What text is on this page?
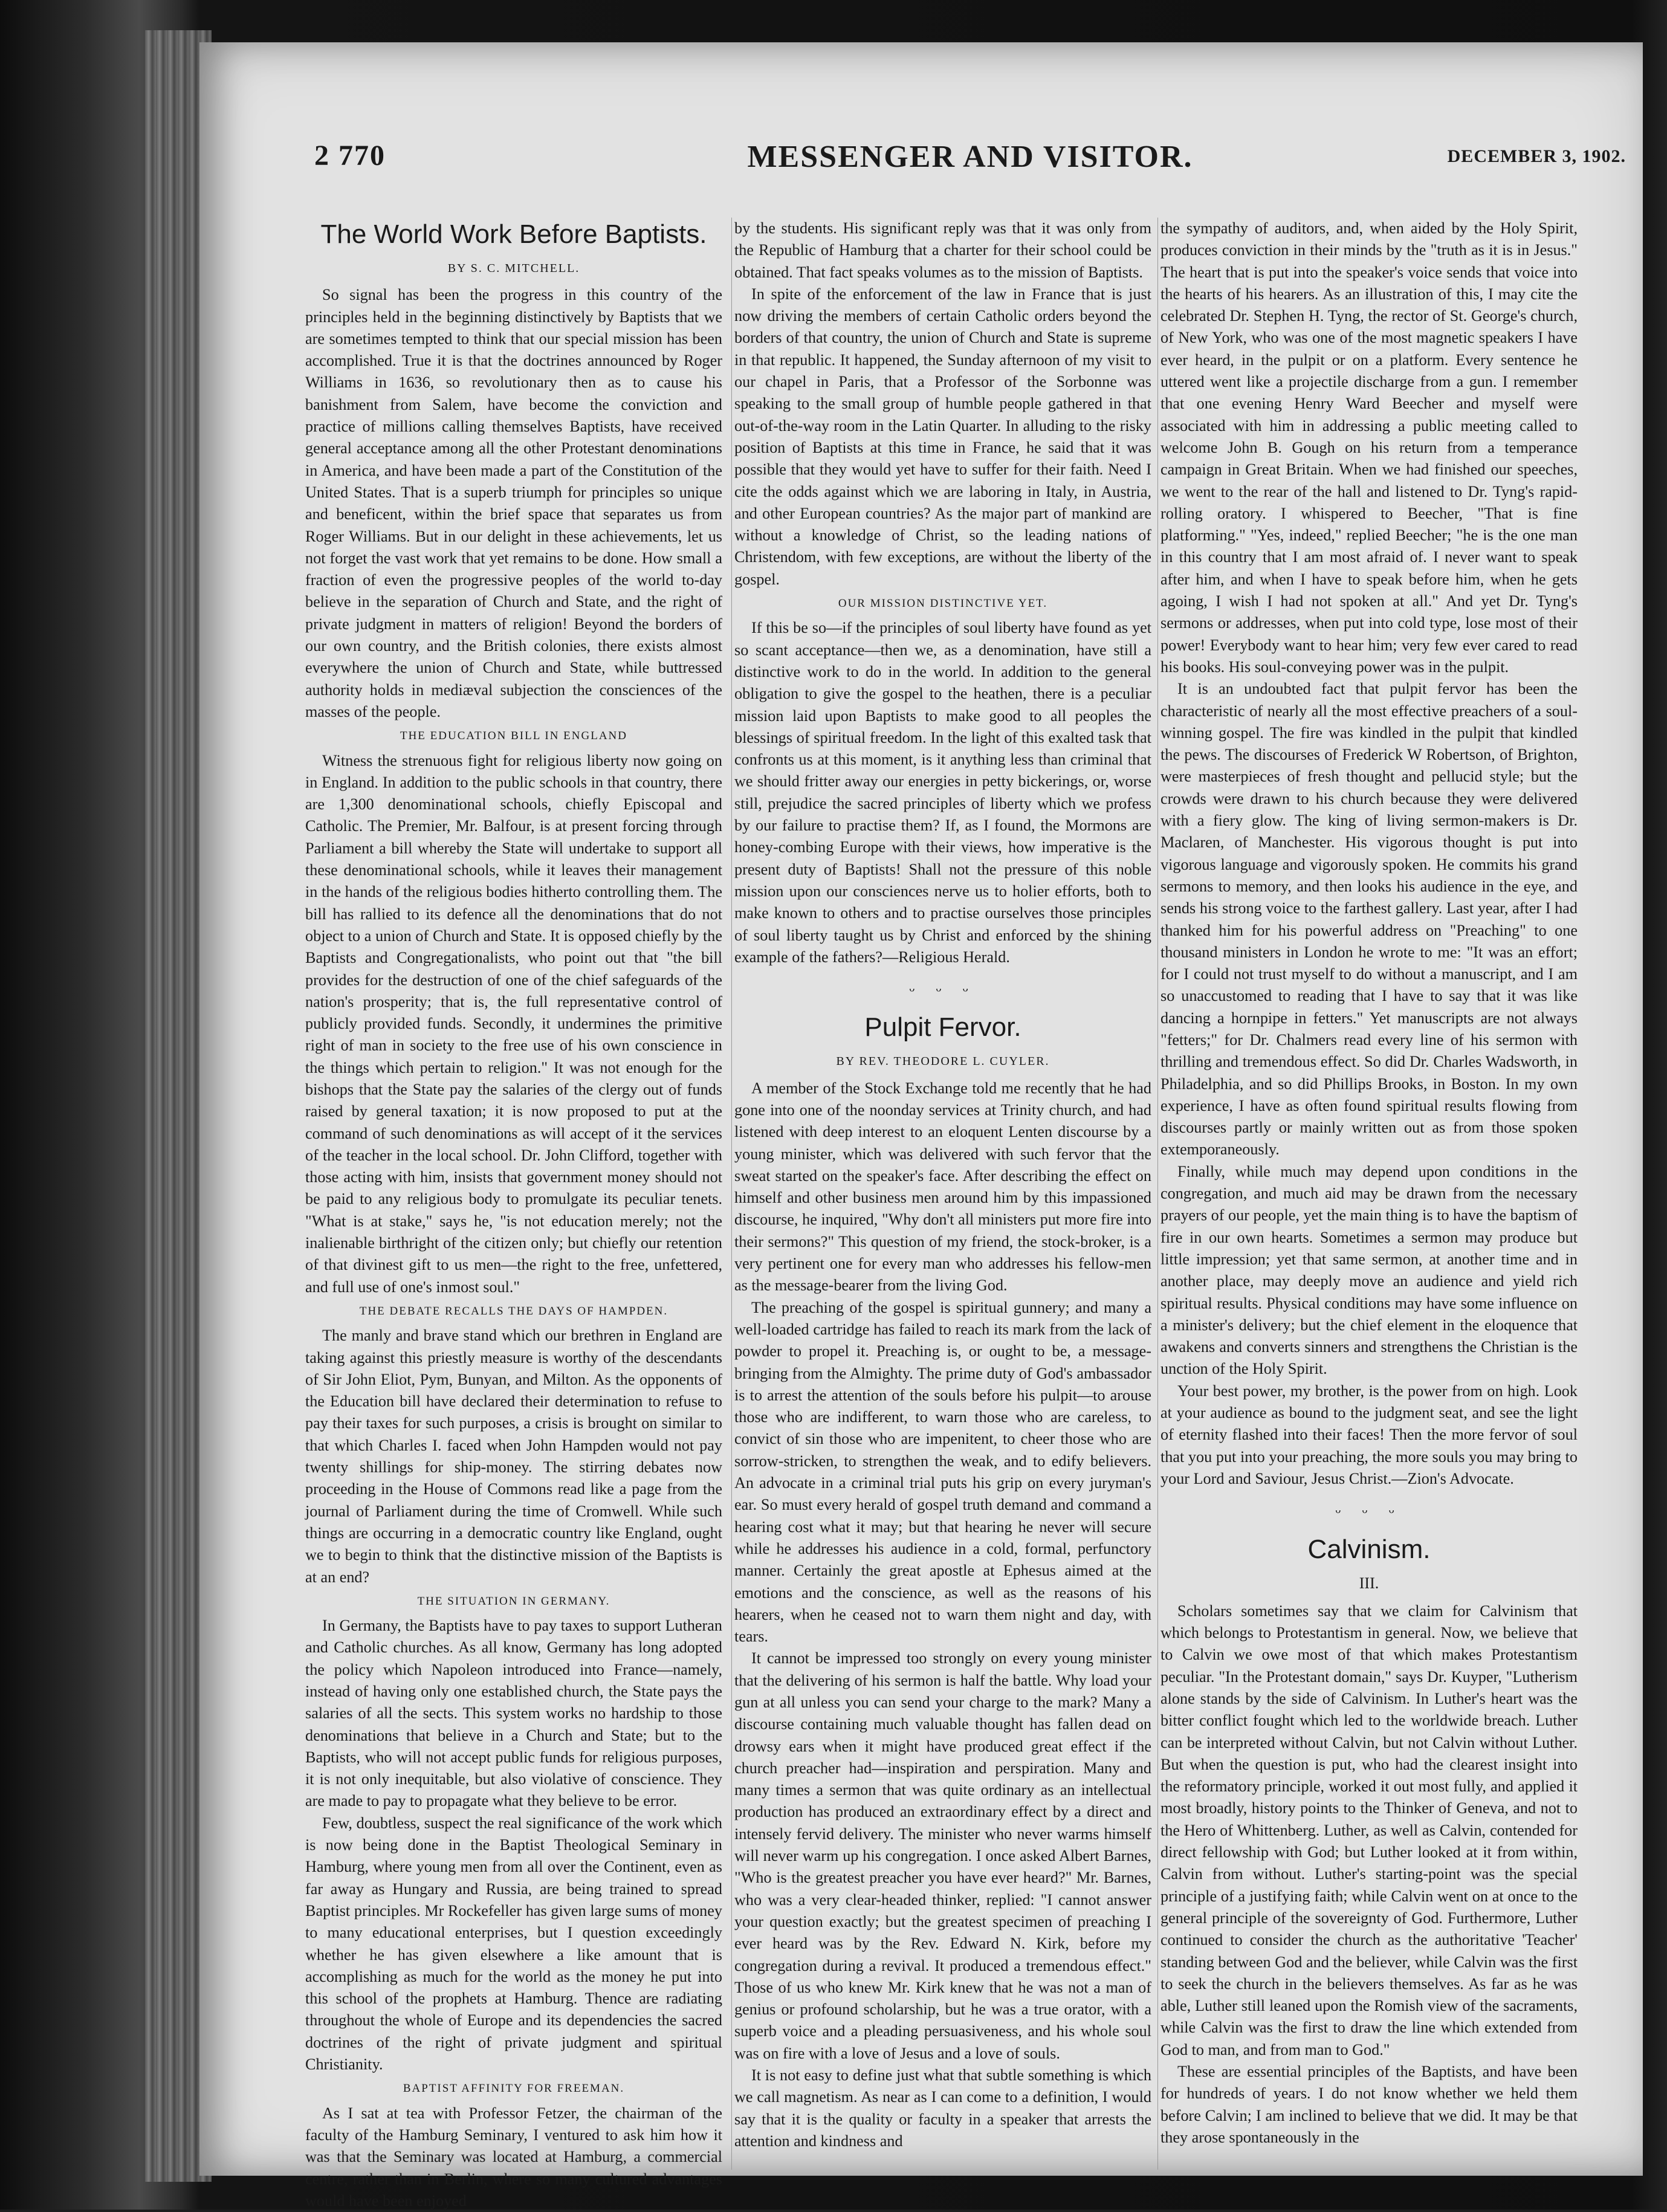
MESSENGER AND VISITOR.
2 770	DECEMBER 3, 1902.
The World Work Before Baptists.
BY S. C. MITCHELL.

So signal has been the progress in this country of the principles held in the beginning distinctively by Baptists that we are sometimes tempted to think that our special mission has been accomplished. True it is that the doctrines announced by Roger Williams in 1636, so revolutionary then as to cause his banishment from Salem, have become the conviction and practice of millions calling themselves Baptists, have received general acceptance among all the other Protestant denominations in America, and have been made a part of the Constitution of the United States. That is a superb triumph for principles so unique and beneficent, within the brief space that separates us from Roger Williams. But in our delight in these achievements, let us not forget the vast work that yet remains to be done. How small a fraction of even the progressive peoples of the world to-day believe in the separation of Church and State, and the right of private judgment in matters of religion! Beyond the borders of our own country, and the British colonies, there exists almost everywhere the union of Church and State, while buttressed authority holds in mediæval subjection the consciences of the masses of the people.

THE EDUCATION BILL IN ENGLAND

Witness the strenuous fight for religious liberty now going on in England. In addition to the public schools in that country, there are 1,300 denominational schools, chiefly Episcopal and Catholic. The Premier, Mr. Balfour, is at present forcing through Parliament a bill whereby the State will undertake to support all these denominational schools, while it leaves their management in the hands of the religious bodies hitherto controlling them. The bill has rallied to its defence all the denominations that do not object to a union of Church and State. It is opposed chiefly by the Baptists and Congregationalists, who point out that "the bill provides for the destruction of one of the chief safeguards of the nation's prosperity; that is, the full representative control of publicly provided funds. Secondly, it undermines the primitive right of man in society to the free use of his own conscience in the things which pertain to religion." It was not enough for the bishops that the State pay the salaries of the clergy out of funds raised by general taxation; it is now proposed to put at the command of such denominations as will accept of it the services of the teacher in the local school. Dr. John Clifford, together with those acting with him, insists that government money should not be paid to any religious body to promulgate its peculiar tenets. "What is at stake," says he, "is not education merely; not the inalienable birthright of the citizen only; but chiefly our retention of that divinest gift to us men—the right to the free, unfettered, and full use of one's inmost soul."

THE DEBATE RECALLS THE DAYS OF HAMPDEN.

The manly and brave stand which our brethren in England are taking against this priestly measure is worthy of the descendants of Sir John Eliot, Pym, Bunyan, and Milton. As the opponents of the Education bill have declared their determination to refuse to pay their taxes for such purposes, a crisis is brought on similar to that which Charles I. faced when John Hampden would not pay twenty shillings for ship-money. The stirring debates now proceeding in the House of Commons read like a page from the journal of Parliament during the time of Cromwell. While such things are occurring in a democratic country like England, ought we to begin to think that the distinctive mission of the Baptists is at an end?

THE SITUATION IN GERMANY.

In Germany, the Baptists have to pay taxes to support Lutheran and Catholic churches. As all know, Germany has long adopted the policy which Napoleon introduced into France—namely, instead of having only one established church, the State pays the salaries of all the sects. This system works no hardship to those denominations that believe in a Church and State; but to the Baptists, who will not accept public funds for religious purposes, it is not only inequitable, but also violative of conscience. They are made to pay to propagate what they believe to be error.

Few, doubtless, suspect the real significance of the work which is now being done in the Baptist Theological Seminary in Hamburg, where young men from all over the Continent, even as far away as Hungary and Russia, are being trained to spread Baptist principles. Mr Rockefeller has given large sums of money to many educational enterprises, but I question exceedingly whether he has given elsewhere a like amount that is accomplishing as much for the world as the money he put into this school of the prophets at Hamburg. Thence are radiating throughout the whole of Europe and its dependencies the sacred doctrines of the right of private judgment and spiritual Christianity.

BAPTIST AFFINITY FOR FREEMAN.

As I sat at tea with Professor Fetzer, the chairman of the faculty of the Hamburg Seminary, I ventured to ask him how it was that the Seminary was located at Hamburg, a commercial centre, rather than in Berlin, where so many cultured advantages would have been enjoyed

by the students. His significant reply was that it was only from the Republic of Hamburg that a charter for their school could be obtained. That fact speaks volumes as to the mission of Baptists.

In spite of the enforcement of the law in France that is just now driving the members of certain Catholic orders beyond the borders of that country, the union of Church and State is supreme in that republic. It happened, the Sunday afternoon of my visit to our chapel in Paris, that a Professor of the Sorbonne was speaking to the small group of humble people gathered in that out-of-the-way room in the Latin Quarter. In alluding to the risky position of Baptists at this time in France, he said that it was possible that they would yet have to suffer for their faith. Need I cite the odds against which we are laboring in Italy, in Austria, and other European countries? As the major part of mankind are without a knowledge of Christ, so the leading nations of Christendom, with few exceptions, are without the liberty of the gospel.

OUR MISSION DISTINCTIVE YET.

If this be so—if the principles of soul liberty have found as yet so scant acceptance—then we, as a denomination, have still a distinctive work to do in the world. In addition to the general obligation to give the gospel to the heathen, there is a peculiar mission laid upon Baptists to make good to all peoples the blessings of spiritual freedom. In the light of this exalted task that confronts us at this moment, is it anything less than criminal that we should fritter away our energies in petty bickerings, or, worse still, prejudice the sacred principles of liberty which we profess by our failure to practise them? If, as I found, the Mormons are honey-combing Europe with their views, how imperative is the present duty of Baptists! Shall not the pressure of this noble mission upon our consciences nerve us to holier efforts, both to make known to others and to practise ourselves those principles of soul liberty taught us by Christ and enforced by the shining example of the fathers?—Religious Herald.

ᵕ ᵕ ᵕ
Pulpit Fervor.
BY REV. THEODORE L. CUYLER.

A member of the Stock Exchange told me recently that he had gone into one of the noonday services at Trinity church, and had listened with deep interest to an eloquent Lenten discourse by a young minister, which was delivered with such fervor that the sweat started on the speaker's face. After describing the effect on himself and other business men around him by this impassioned discourse, he inquired, "Why don't all ministers put more fire into their sermons?" This question of my friend, the stock-broker, is a very pertinent one for every man who addresses his fellow-men as the message-bearer from the living God.

The preaching of the gospel is spiritual gunnery; and many a well-loaded cartridge has failed to reach its mark from the lack of powder to propel it. Preaching is, or ought to be, a message-bringing from the Almighty. The prime duty of God's ambassador is to arrest the attention of the souls before his pulpit—to arouse those who are indifferent, to warn those who are careless, to convict of sin those who are impenitent, to cheer those who are sorrow-stricken, to strengthen the weak, and to edify believers. An advocate in a criminal trial puts his grip on every juryman's ear. So must every herald of gospel truth demand and command a hearing cost what it may; but that hearing he never will secure while he addresses his audience in a cold, formal, perfunctory manner. Certainly the great apostle at Ephesus aimed at the emotions and the conscience, as well as the reasons of his hearers, when he ceased not to warn them night and day, with tears.

It cannot be impressed too strongly on every young minister that the delivering of his sermon is half the battle. Why load your gun at all unless you can send your charge to the mark? Many a discourse containing much valuable thought has fallen dead on drowsy ears when it might have produced great effect if the church preacher had—inspiration and perspiration. Many and many times a sermon that was quite ordinary as an intellectual production has produced an extraordinary effect by a direct and intensely fervid delivery. The minister who never warms himself will never warm up his congregation. I once asked Albert Barnes, "Who is the greatest preacher you have ever heard?" Mr. Barnes, who was a very clear-headed thinker, replied: "I cannot answer your question exactly; but the greatest specimen of preaching I ever heard was by the Rev. Edward N. Kirk, before my congregation during a revival. It produced a tremendous effect." Those of us who knew Mr. Kirk knew that he was not a man of genius or profound scholarship, but he was a true orator, with a superb voice and a pleading persuasiveness, and his whole soul was on fire with a love of Jesus and a love of souls.

It is not easy to define just what that subtle something is which we call magnetism. As near as I can come to a definition, I would say that it is the quality or faculty in a speaker that arrests the attention and kindness and

the sympathy of auditors, and, when aided by the Holy Spirit, produces conviction in their minds by the "truth as it is in Jesus." The heart that is put into the speaker's voice sends that voice into the hearts of his hearers. As an illustration of this, I may cite the celebrated Dr. Stephen H. Tyng, the rector of St. George's church, of New York, who was one of the most magnetic speakers I have ever heard, in the pulpit or on a platform. Every sentence he uttered went like a projectile discharge from a gun. I remember that one evening Henry Ward Beecher and myself were associated with him in addressing a public meeting called to welcome John B. Gough on his return from a temperance campaign in Great Britain. When we had finished our speeches, we went to the rear of the hall and listened to Dr. Tyng's rapid-rolling oratory. I whispered to Beecher, "That is fine platforming." "Yes, indeed," replied Beecher; "he is the one man in this country that I am most afraid of. I never want to speak after him, and when I have to speak before him, when he gets agoing, I wish I had not spoken at all." And yet Dr. Tyng's sermons or addresses, when put into cold type, lose most of their power! Everybody want to hear him; very few ever cared to read his books. His soul-conveying power was in the pulpit.

It is an undoubted fact that pulpit fervor has been the characteristic of nearly all the most effective preachers of a soul-winning gospel. The fire was kindled in the pulpit that kindled the pews. The discourses of Frederick W Robertson, of Brighton, were masterpieces of fresh thought and pellucid style; but the crowds were drawn to his church because they were delivered with a fiery glow. The king of living sermon-makers is Dr. Maclaren, of Manchester. His vigorous thought is put into vigorous language and vigorously spoken. He commits his grand sermons to memory, and then looks his audience in the eye, and sends his strong voice to the farthest gallery. Last year, after I had thanked him for his powerful address on "Preaching" to one thousand ministers in London he wrote to me: "It was an effort; for I could not trust myself to do without a manuscript, and I am so unaccustomed to reading that I have to say that it was like dancing a hornpipe in fetters." Yet manuscripts are not always "fetters;" for Dr. Chalmers read every line of his sermon with thrilling and tremendous effect. So did Dr. Charles Wadsworth, in Philadelphia, and so did Phillips Brooks, in Boston. In my own experience, I have as often found spiritual results flowing from discourses partly or mainly written out as from those spoken extemporaneously.

Finally, while much may depend upon conditions in the congregation, and much aid may be drawn from the necessary prayers of our people, yet the main thing is to have the baptism of fire in our own hearts. Sometimes a sermon may produce but little impression; yet that same sermon, at another time and in another place, may deeply move an audience and yield rich spiritual results. Physical conditions may have some influence on a minister's delivery; but the chief element in the eloquence that awakens and converts sinners and strengthens the Christian is the unction of the Holy Spirit.

Your best power, my brother, is the power from on high. Look at your audience as bound to the judgment seat, and see the light of eternity flashed into their faces! Then the more fervor of soul that you put into your preaching, the more souls you may bring to your Lord and Saviour, Jesus Christ.—Zion's Advocate.

ᵕ ᵕ ᵕ
Calvinism.
III.

Scholars sometimes say that we claim for Calvinism that which belongs to Protestantism in general. Now, we believe that to Calvin we owe most of that which makes Protestantism peculiar. "In the Protestant domain," says Dr. Kuyper, "Lutherism alone stands by the side of Calvinism. In Luther's heart was the bitter conflict fought which led to the worldwide breach. Luther can be interpreted without Calvin, but not Calvin without Luther. But when the question is put, who had the clearest insight into the reformatory principle, worked it out most fully, and applied it most broadly, history points to the Thinker of Geneva, and not to the Hero of Whittenberg. Luther, as well as Calvin, contended for direct fellowship with God; but Luther looked at it from within, Calvin from without. Luther's starting-point was the special principle of a justifying faith; while Calvin went on at once to the general principle of the sovereignty of God. Furthermore, Luther continued to consider the church as the authoritative 'Teacher' standing between God and the believer, while Calvin was the first to seek the church in the believers themselves. As far as he was able, Luther still leaned upon the Romish view of the sacraments, while Calvin was the first to draw the line which extended from God to man, and from man to God."

These are essential principles of the Baptists, and have been for hundreds of years. I do not know whether we held them before Calvin; I am inclined to believe that we did. It may be that they arose spontaneously in the
